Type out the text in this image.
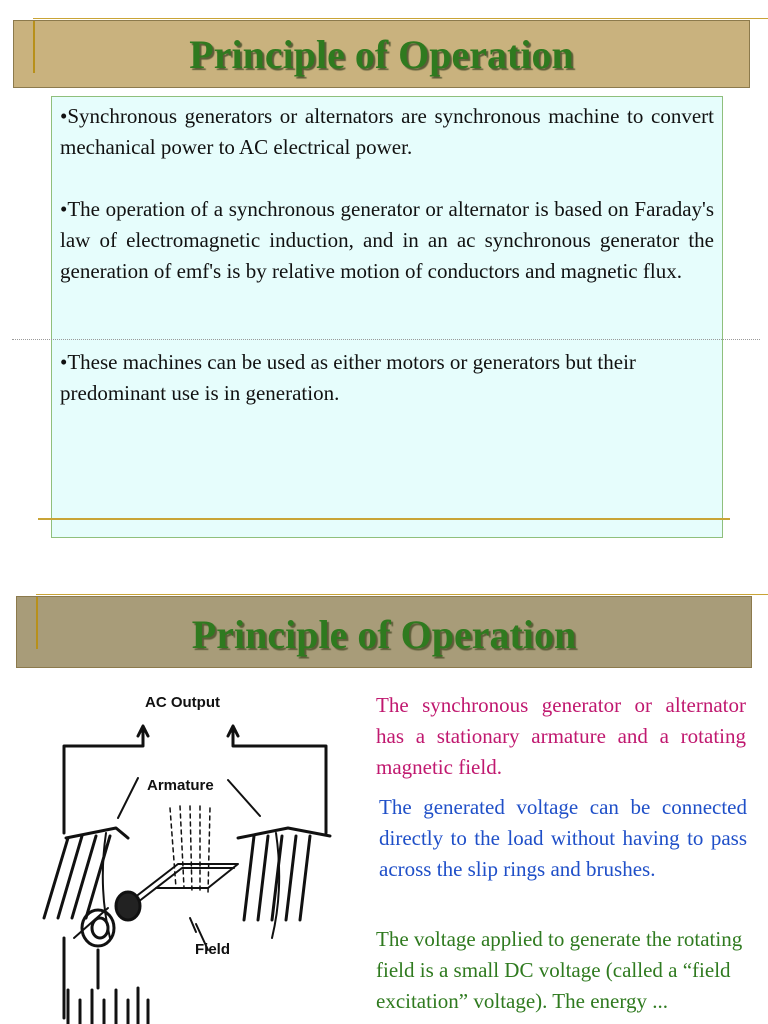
Principle of Operation
•Synchronous generators or alternators are synchronous machine to convert mechanical power to AC electrical power.
•The operation of a synchronous generator or alternator is based on Faraday's law of electromagnetic induction, and in an ac synchronous generator the generation of emf's is by relative motion of conductors and magnetic flux.
•These machines can be used as either motors or generators but their predominant use is in generation.
Principle of Operation
AC Output
Armature
Field
The synchronous generator or alternator has a stationary armature and a rotating magnetic field.
The generated voltage can be connected directly to the load without having to pass across the slip rings and brushes.
The voltage applied to generate the rotating field is a small DC voltage (called a “field excitation” voltage). The energy ...
